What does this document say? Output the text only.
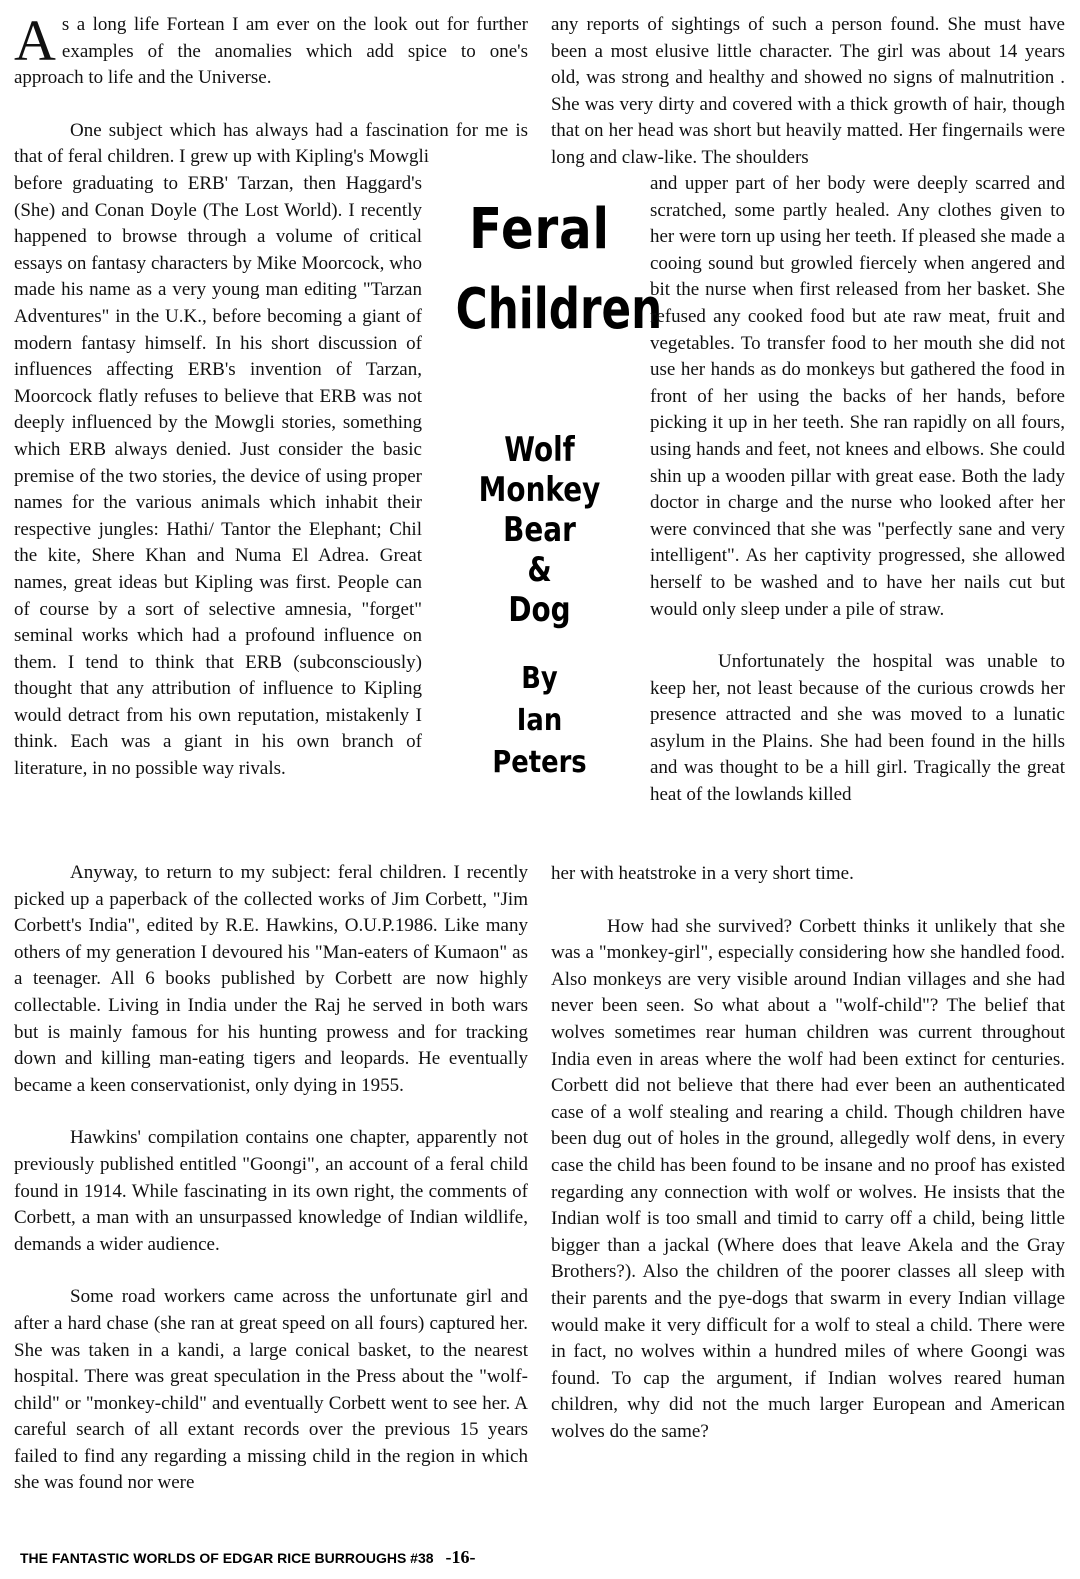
As a long life Fortean I am ever on the look out for further examples of the anomalies which add spice to one's approach to life and the Universe.

One subject which has always had a fascination for me is that of feral children. I grew up with Kipling's Mowgli

before graduating to ERB' Tarzan, then Haggard's (She) and Conan Doyle (The Lost World). I recently happened to browse through a volume of critical essays on fantasy characters by Mike Moorcock, who made his name as a very young man editing "Tarzan Adventures" in the U.K., before becoming a giant of modern fantasy himself. In his short discussion of influences affecting ERB's invention of Tarzan, Moorcock flatly refuses to believe that ERB was not deeply influenced by the Mowgli stories, something which ERB always denied. Just consider the basic premise of the two stories, the device of using proper names for the various animals which inhabit their respective jungles: Hathi/ Tantor the Elephant; Chil the kite, Shere Khan and Numa El Adrea. Great names, great ideas but Kipling was first. People can of course by a sort of selective amnesia, "forget" seminal works which had a profound influence on them. I tend to think that ERB (subconsciously) thought that any attribution of influence to Kipling would detract from his own reputation, mistakenly I think. Each was a giant in his own branch of literature, in no possible way rivals.

Feral
Children
Wolf
Monkey
Bear
&
Dog
By
Ian
Peters

Anyway, to return to my subject: feral children. I recently picked up a paperback of the collected works of Jim Corbett, "Jim Corbett's India", edited by R.E. Hawkins, O.U.P.1986. Like many others of my generation I devoured his "Man-eaters of Kumaon" as a teenager. All 6 books published by Corbett are now highly collectable. Living in India under the Raj he served in both wars but is mainly famous for his hunting prowess and for tracking down and killing man-eating tigers and leopards. He eventually became a keen conservationist, only dying in 1955.

Hawkins' compilation contains one chapter, apparently not previously published entitled "Goongi", an account of a feral child found in 1914. While fascinating in its own right, the comments of Corbett, a man with an unsurpassed knowledge of Indian wildlife, demands a wider audience.

Some road workers came across the unfortunate girl and after a hard chase (she ran at great speed on all fours) captured her. She was taken in a kandi, a large conical basket, to the nearest hospital. There was great speculation in the Press about the "wolf-child" or "monkey-child" and eventually Corbett went to see her. A careful search of all extant records over the previous 15 years failed to find any regarding a missing child in the region in which she was found nor were

any reports of sightings of such a person found. She must have been a most elusive little character. The girl was about 14 years old, was strong and healthy and showed no signs of malnutrition . She was very dirty and covered with a thick growth of hair, though that on her head was short but heavily matted. Her fingernails were long and claw-like. The shoulders

and upper part of her body were deeply scarred and scratched, some partly healed. Any clothes given to her were torn up using her teeth. If pleased she made a cooing sound but growled fiercely when angered and bit the nurse when first released from her basket. She refused any cooked food but ate raw meat, fruit and vegetables. To transfer food to her mouth she did not use her hands as do monkeys but gathered the food in front of her using the backs of her hands, before picking it up in her teeth. She ran rapidly on all fours, using hands and feet, not knees and elbows. She could shin up a wooden pillar with great ease. Both the lady doctor in charge and the nurse who looked after her were convinced that she was "perfectly sane and very intelligent". As her captivity progressed, she allowed herself to be washed and to have her nails cut but would only sleep under a pile of straw.

Unfortunately the hospital was unable to keep her, not least because of the curious crowds her presence attracted and she was moved to a lunatic asylum in the Plains. She had been found in the hills and was thought to be a hill girl. Tragically the great heat of the lowlands killed

her with heatstroke in a very short time.

How had she survived? Corbett thinks it unlikely that she was a "monkey-girl", especially considering how she handled food. Also monkeys are very visible around Indian villages and she had never been seen. So what about a "wolf-child"? The belief that wolves sometimes rear human children was current throughout India even in areas where the wolf had been extinct for centuries. Corbett did not believe that there had ever been an authenticated case of a wolf stealing and rearing a child. Though children have been dug out of holes in the ground, allegedly wolf dens, in every case the child has been found to be insane and no proof has existed regarding any connection with wolf or wolves. He insists that the Indian wolf is too small and timid to carry off a child, being little bigger than a jackal (Where does that leave Akela and the Gray Brothers?). Also the children of the poorer classes all sleep with their parents and the pye-dogs that swarm in every Indian village would make it very difficult for a wolf to steal a child. There were in fact, no wolves within a hundred miles of where Goongi was found. To cap the argument, if Indian wolves reared human children, why did not the much larger European and American wolves do the same?

THE FANTASTIC WORLDS OF EDGAR RICE BURROUGHS #38 -16-
